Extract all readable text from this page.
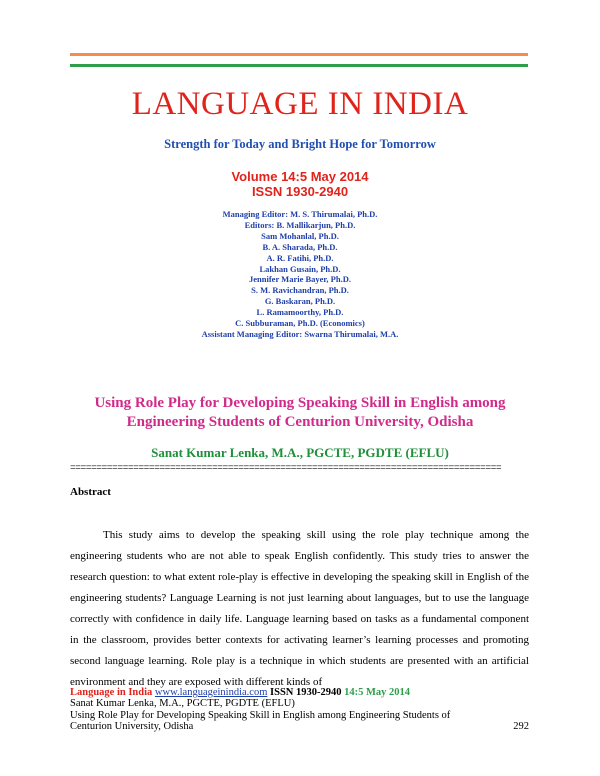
LANGUAGE IN INDIA
Strength for Today and Bright Hope for Tomorrow
Volume 14:5 May 2014
ISSN 1930-2940
Managing Editor: M. S. Thirumalai, Ph.D.
Editors: B. Mallikarjun, Ph.D.
Sam Mohanlal, Ph.D.
B. A. Sharada, Ph.D.
A. R. Fatihi, Ph.D.
Lakhan Gusain, Ph.D.
Jennifer Marie Bayer, Ph.D.
S. M. Ravichandran, Ph.D.
G. Baskaran, Ph.D.
L. Ramamoorthy, Ph.D.
C. Subburaman, Ph.D. (Economics)
Assistant Managing Editor: Swarna Thirumalai, M.A.
Using Role Play for Developing Speaking Skill in English among
Engineering Students of Centurion University, Odisha
Sanat Kumar Lenka, M.A., PGCTE, PGDTE (EFLU)
==================================================================================
Abstract

This study aims to develop the speaking skill using the role play technique among the engineering students who are not able to speak English confidently. This study tries to answer the research question: to what extent role-play is effective in developing the speaking skill in English of the engineering students? Language Learning is not just learning about languages, but to use the language correctly with confidence in daily life. Language learning based on tasks as a fundamental component in the classroom, provides better contexts for activating learner’s learning processes and promoting second language learning. Role play is a technique in which students are presented with an artificial environment and they are exposed with different kinds of

Language in India www.languageinindia.com ISSN 1930-2940 14:5 May 2014
Sanat Kumar Lenka, M.A., PGCTE, PGDTE (EFLU)
Using Role Play for Developing Speaking Skill in English among Engineering Students of
Centurion University, Odisha	292
